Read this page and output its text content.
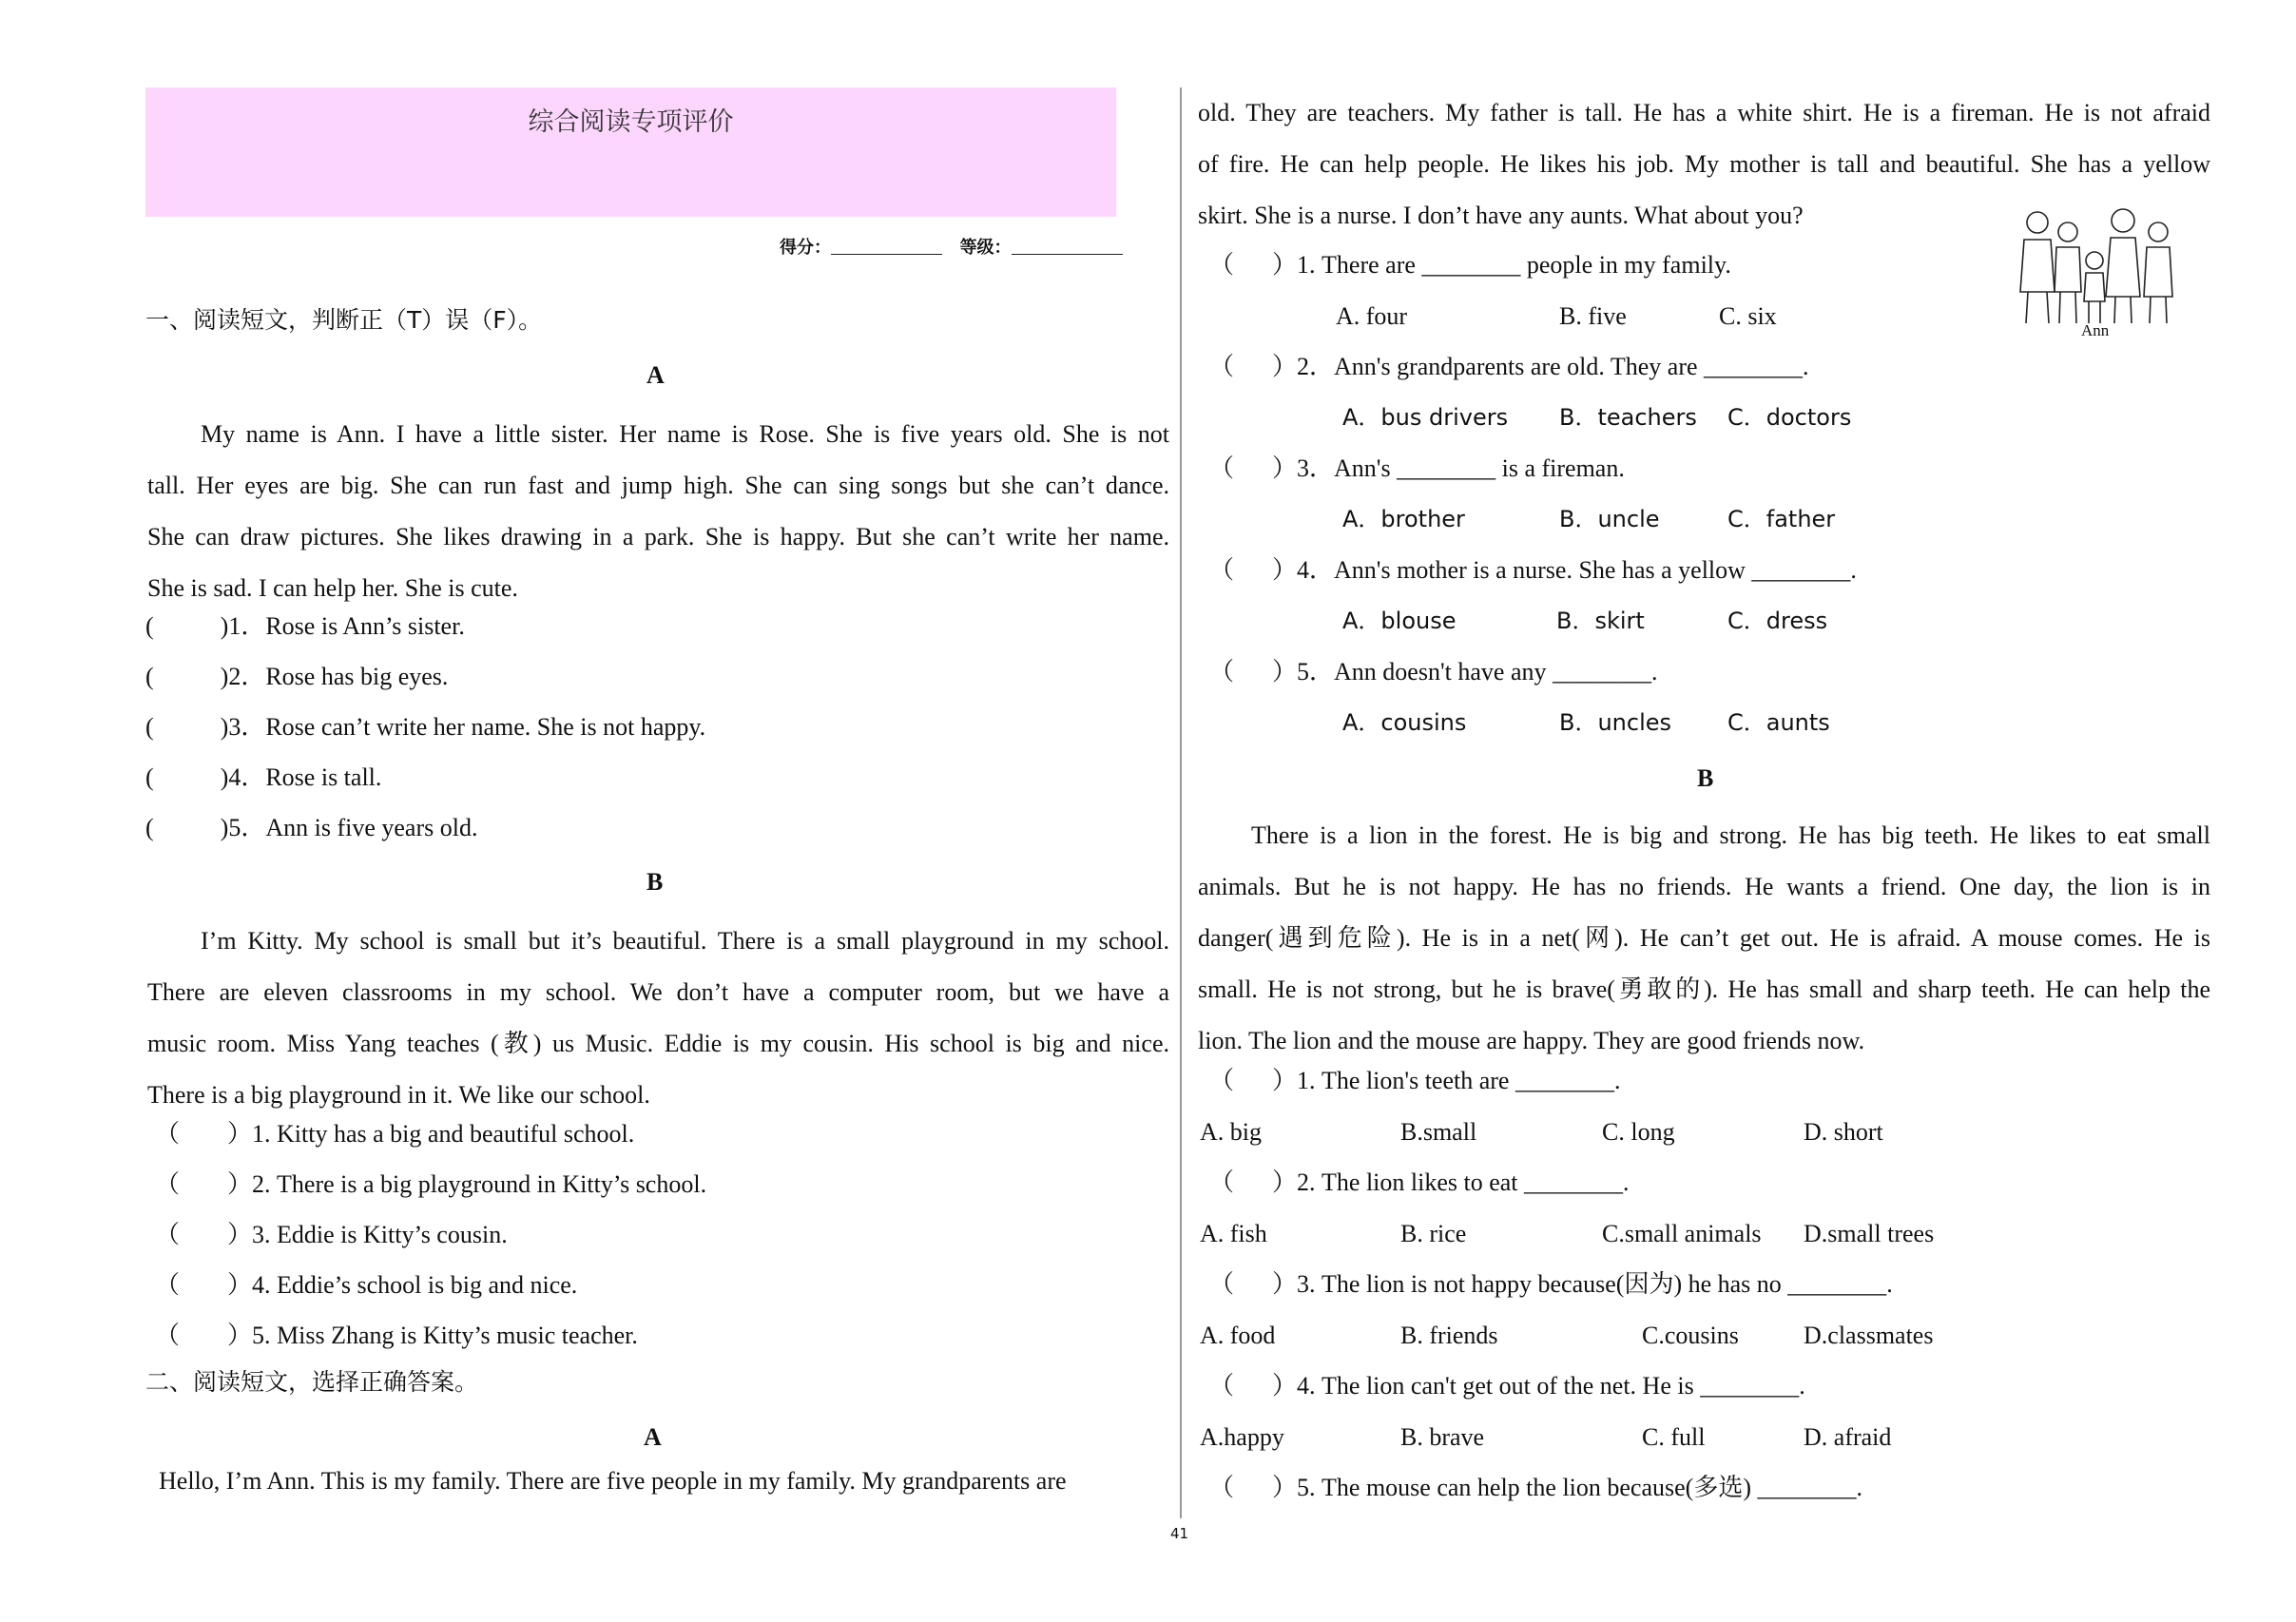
综合阅读专项评价
得分：	等级：
一、阅读短文，判断正（T）误（F）。
A
My name is Ann. I have a little sister. Her name is Rose. She is five years old. She is not
tall. Her eyes are big. She can run fast and jump high. She can sing songs but she can’t dance.
She can draw pictures. She likes drawing in a park. She is happy. But she can’t write her name.
She is sad. I can help her. She is cute.
(	)1．Rose is Ann’s sister.
(	)2．Rose has big eyes.
(	)3．Rose can’t write her name. She is not happy.
(	)4．Rose is tall.
(	)5．Ann is five years old.
B
I’m Kitty. My school is small but it’s beautiful. There is a small playground in my school.
There are eleven classrooms in my school. We don’t have a computer room, but we have a
music room. Miss Yang teaches (教) us Music. Eddie is my cousin. His school is big and nice.
There is a big playground in it. We like our school.
（ ）1. Kitty has a big and beautiful school.
（ ）2. There is a big playground in Kitty’s school.
（ ）3. Eddie is Kitty’s cousin.
（ ）4. Eddie’s school is big and nice.
（ ）5. Miss Zhang is Kitty’s music teacher.
二、阅读短文，选择正确答案。
A
Hello, I’m Ann. This is my family. There are five people in my family. My grandparents are
old. They are teachers. My father is tall. He has a white shirt. He is a fireman. He is not afraid
of fire. He can help people. He likes his job. My mother is tall and beautiful. She has a yellow
skirt. She is a nurse. I don’t have any aunts. What about you?
Ann
（ ）1. There are ________ people in my family.
A. four	B. five	C. six
（ ）2．Ann's grandparents are old. They are ________.
A．bus drivers B．teachers C．doctors
（ ）3．Ann's ________ is a fireman.
A．brother	B．uncle	C．father
（ ）4．Ann's mother is a nurse. She has a yellow ________.
A．blouse	B．skirt	C．dress
（ ）5．Ann doesn't have any ________.
A．cousins	B．uncles C．aunts
B
There is a lion in the forest. He is big and strong. He has big teeth. He likes to eat small
animals. But he is not happy. He has no friends. He wants a friend. One day, the lion is in
danger(遇到危险). He is in a net(网). He can’t get out. He is afraid. A mouse comes. He is
small. He is not strong, but he is brave(勇敢的). He has small and sharp teeth. He can help the
lion. The lion and the mouse are happy. They are good friends now.
（ ）1. The lion's teeth are ________.
A. big	B.small	C. long	D. short
（ ）2. The lion likes to eat ________.
A. fish	B. rice	C.small animals D.small trees
（ ）3. The lion is not happy because(因为) he has no ________.
A. food	B. friends	C.cousins	D.classmates
（ ）4. The lion can't get out of the net. He is ________.
A.happy	B. brave	C. full	D. afraid
（ ）5. The mouse can help the lion because(多选) ________.
41
